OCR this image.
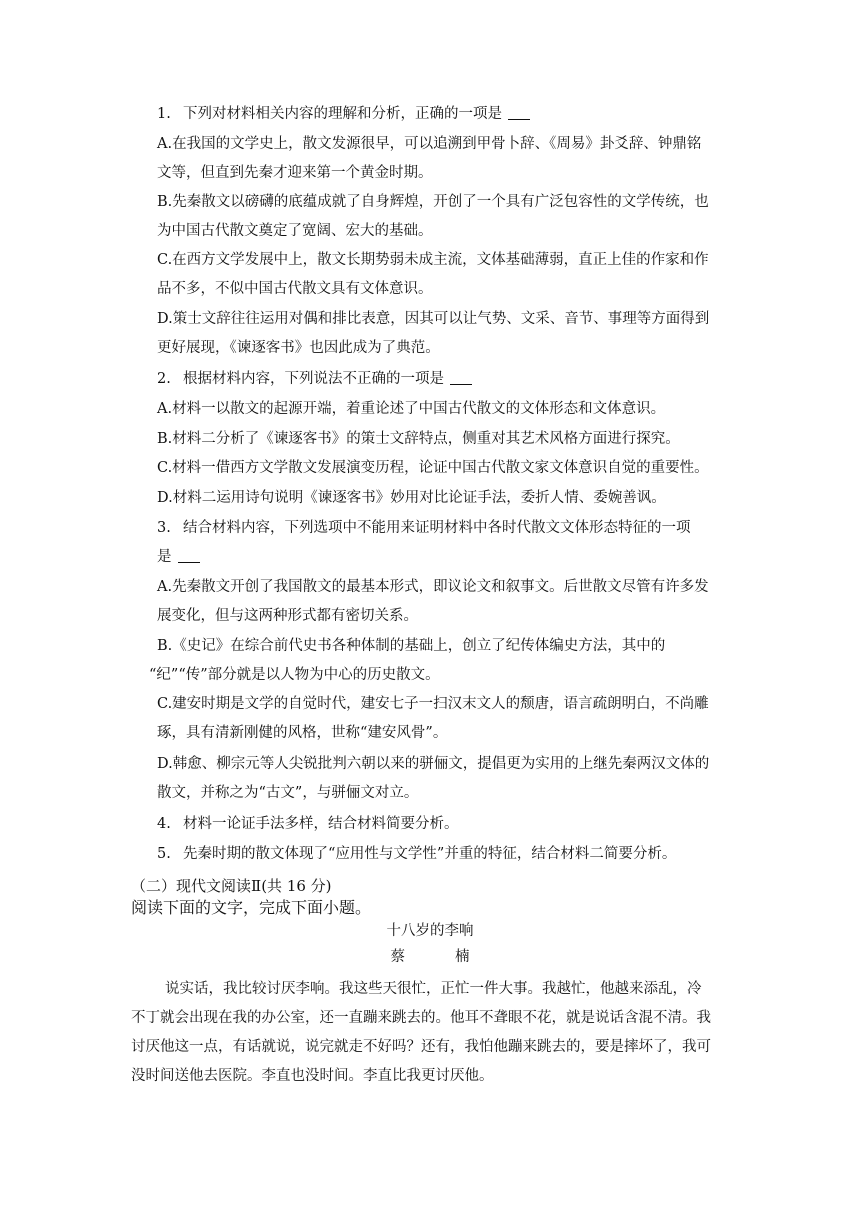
1. 下列对材料相关内容的理解和分析，正确的一项是
A.在我国的文学史上，散文发源很早，可以追溯到甲骨卜辞、《周易》卦爻辞、钟鼎铭
文等，但直到先秦才迎来第一个黄金时期。
B.先秦散文以磅礴的底蕴成就了自身辉煌，开创了一个具有广泛包容性的文学传统，也
为中国古代散文奠定了宽阔、宏大的基础。
C.在西方文学发展中上，散文长期势弱未成主流，文体基础薄弱，直正上佳的作家和作
品不多，不似中国古代散文具有文体意识。
D.策士文辞往往运用对偶和排比表意，因其可以让气势、文采、音节、事理等方面得到
更好展现，《谏逐客书》也因此成为了典范。
2. 根据材料内容，下列说法不正确的一项是
A.材料一以散文的起源开端，着重论述了中国古代散文的文体形态和文体意识。
B.材料二分析了《谏逐客书》的策士文辞特点，侧重对其艺术风格方面进行探究。
C.材料一借西方文学散文发展演变历程，论证中国古代散文家文体意识自觉的重要性。
D.材料二运用诗句说明《谏逐客书》妙用对比论证手法，委折人情、委婉善讽。
3. 结合材料内容，下列选项中不能用来证明材料中各时代散文文体形态特征的一项
是
A.先秦散文开创了我国散文的最基本形式，即议论文和叙事文。后世散文尽管有许多发
展变化，但与这两种形式都有密切关系。
B.《史记》在综合前代史书各种体制的基础上，创立了纪传体编史方法，其中的
“纪”“传”部分就是以人物为中心的历史散文。
C.建安时期是文学的自觉时代，建安七子一扫汉末文人的颓唐，语言疏朗明白，不尚雕
琢，具有清新刚健的风格，世称“建安风骨”。
D.韩愈、柳宗元等人尖锐批判六朝以来的骈俪文，提倡更为实用的上继先秦两汉文体的
散文，并称之为“古文”，与骈俪文对立。
4. 材料一论证手法多样，结合材料简要分析。
5. 先秦时期的散文体现了“应用性与文学性”并重的特征，结合材料二简要分析。
（二）现代文阅读Ⅱ(共 16 分)
阅读下面的文字，完成下面小题。
十八岁的李响
蔡	楠
说实话，我比较讨厌李响。我这些天很忙，正忙一件大事。我越忙，他越来添乱，冷
不丁就会出现在我的办公室，还一直蹦来跳去的。他耳不聋眼不花，就是说话含混不清。我
讨厌他这一点，有话就说，说完就走不好吗？还有，我怕他蹦来跳去的，要是摔坏了，我可
没时间送他去医院。李直也没时间。李直比我更讨厌他。
